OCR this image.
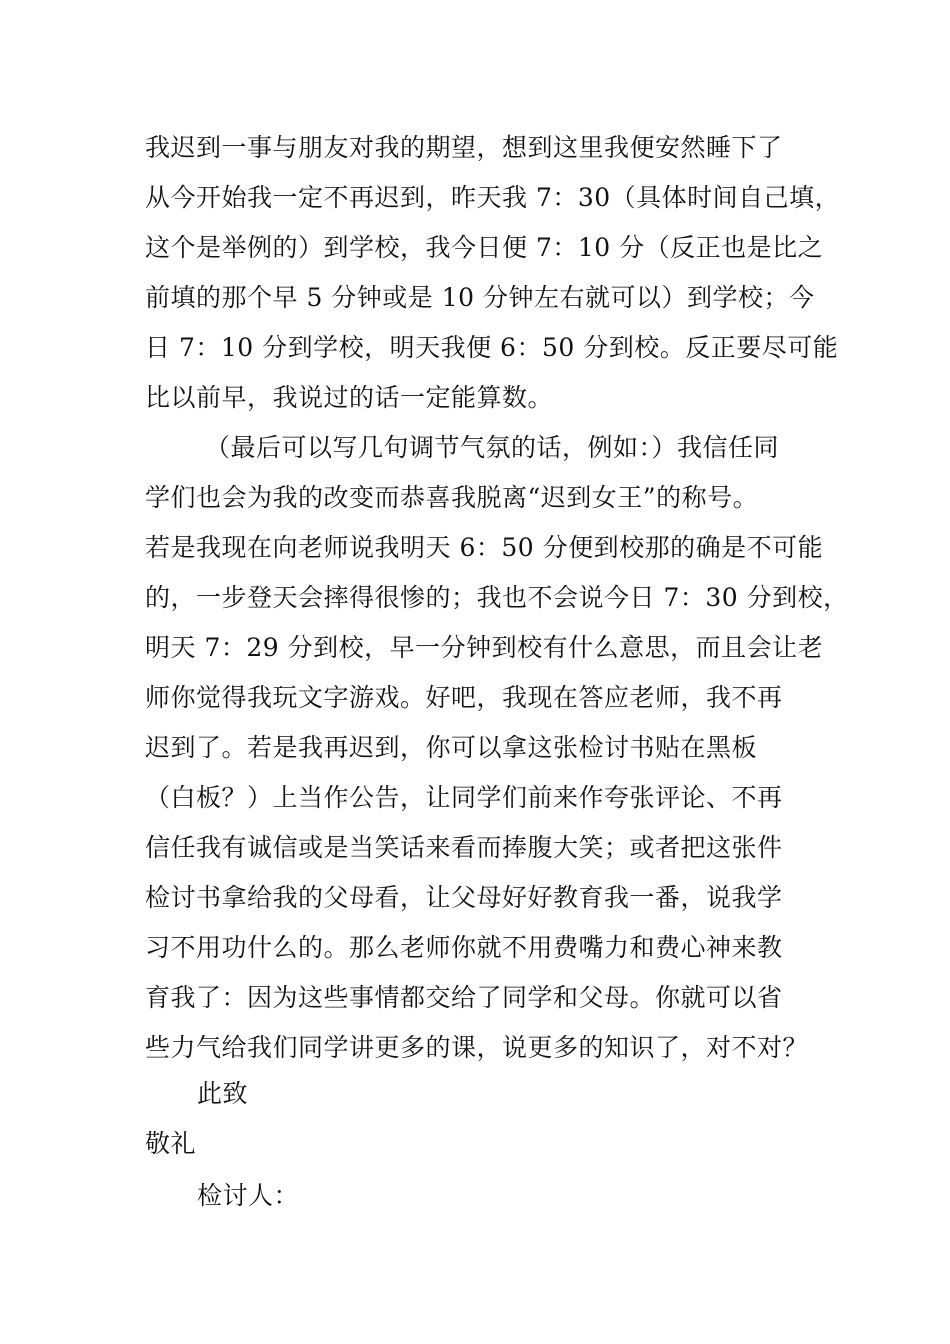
我迟到一事与朋友对我的期望，想到这里我便安然睡下了
从今开始我一定不再迟到，昨天我 7：30（具体时间自己填，
这个是举例的）到学校，我今日便 7：10 分（反正也是比之
前填的那个早 5 分钟或是 10 分钟左右就可以）到学校；今
日 7：10 分到学校，明天我便 6：50 分到校。反正要尽可能
比以前早，我说过的话一定能算数。
（最后可以写几句调节气氛的话，例如：）我信任同
学们也会为我的改变而恭喜我脱离“迟到女王”的称号。
若是我现在向老师说我明天 6：50 分便到校那的确是不可能
的，一步登天会摔得很惨的；我也不会说今日 7：30 分到校，
明天 7：29 分到校，早一分钟到校有什么意思，而且会让老
师你觉得我玩文字游戏。好吧，我现在答应老师，我不再
迟到了。若是我再迟到，你可以拿这张检讨书贴在黑板
（白板？）上当作公告，让同学们前来作夸张评论、不再
信任我有诚信或是当笑话来看而捧腹大笑；或者把这张件
检讨书拿给我的父母看，让父母好好教育我一番，说我学
习不用功什么的。那么老师你就不用费嘴力和费心神来教
育我了：因为这些事情都交给了同学和父母。你就可以省
些力气给我们同学讲更多的课，说更多的知识了，对不对？
此致
敬礼
检讨人：
